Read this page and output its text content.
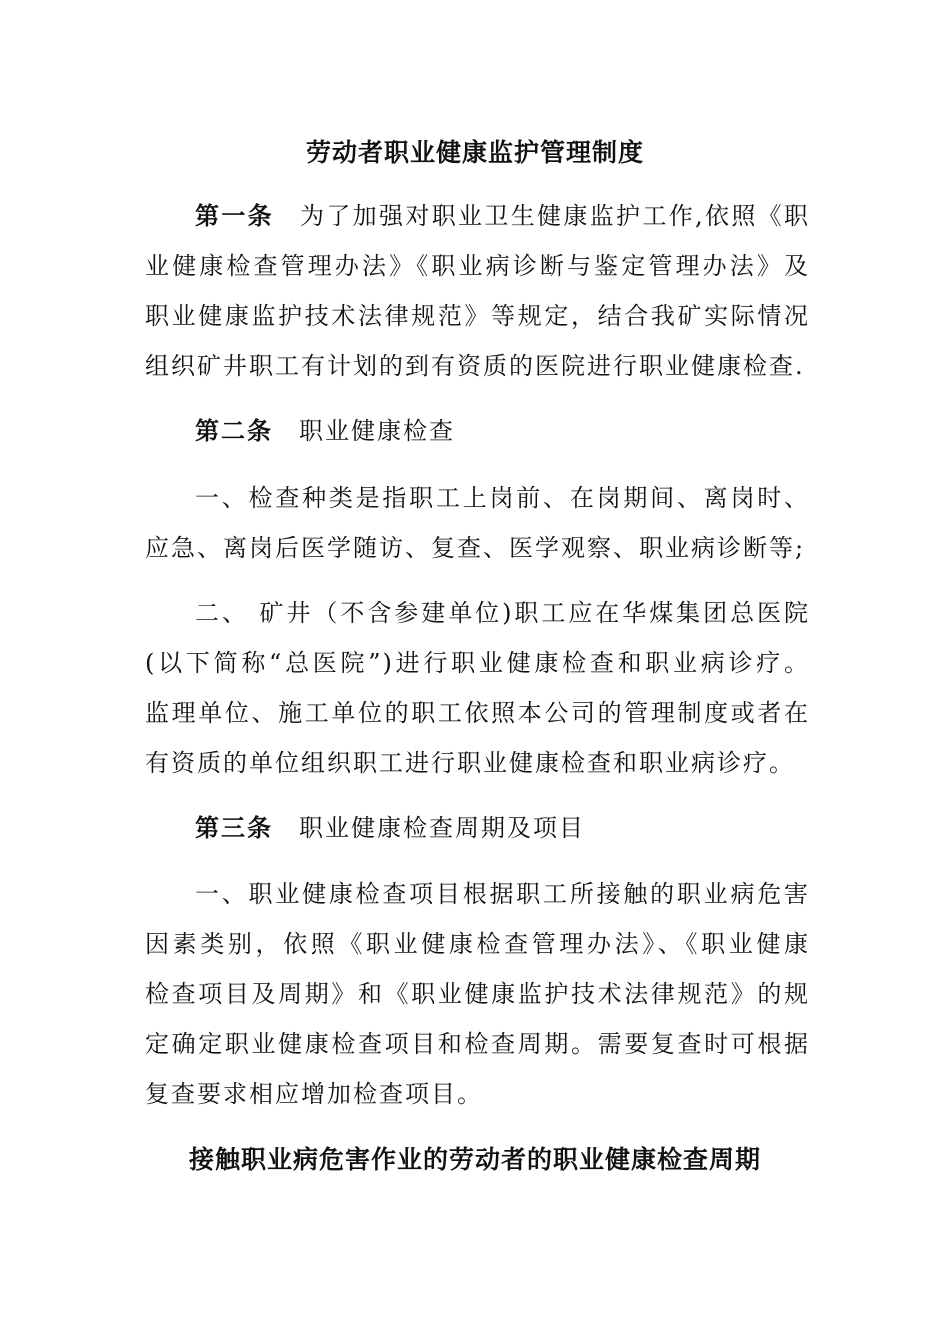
劳动者职业健康监护管理制度
第一条 为了加强对职业卫生健康监护工作,依照《职
业健康检查管理办法》《职业病诊断与鉴定管理办法》及
职业健康监护技术法律规范》等规定，结合我矿实际情况
组织矿井职工有计划的到有资质的医院进行职业健康检查.
第二条 职业健康检查
一、检查种类是指职工上岗前、在岗期间、离岗时、
应急、离岗后医学随访、复查、医学观察、职业病诊断等;
二、 矿井（不含参建单位)职工应在华煤集团总医院
(以下简称“总医院”)进行职业健康检查和职业病诊疗。
监理单位、施工单位的职工依照本公司的管理制度或者在
有资质的单位组织职工进行职业健康检查和职业病诊疗。
第三条 职业健康检查周期及项目
一、职业健康检查项目根据职工所接触的职业病危害
因素类别，依照《职业健康检查管理办法》、《职业健康
检查项目及周期》和《职业健康监护技术法律规范》的规
定确定职业健康检查项目和检查周期。需要复查时可根据
复查要求相应增加检查项目。
接触职业病危害作业的劳动者的职业健康检查周期
